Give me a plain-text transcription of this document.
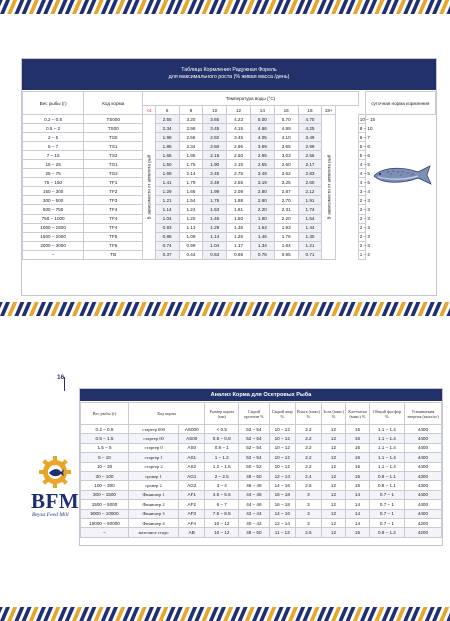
Таблица Кормления Радужная Форель
для максимального роста (% живая масса /день)
Вес рыбы (г)	Код корма	Температура воды (°C)											суточная норма кормления
		<4	6	8	10	12	14	16	18	18+			
0.2 – 0.5	TS000	В зависимости от аппетита рыб	2.55	3.20	3.65	4.23	5.00	5.70	4.70	В зависимости от аппетита рыб		10 – 15	
0.5 – 2	TS00		2.34	2.96	3.45	4.15	4.66	4.89	4.25			8 – 10	
2 – 5	TS0		1.98	2.56	2.92	3.45	4.05	4.10	3.49			6 – 7	
5 – 7	TS1		1.86	2.34	2.50	2.96	3.59	3.65	2.99			5 – 6	
7 – 15	TS2		1.65	1.95	2.15	2.50	2.95	3.03	2.56			5 – 6	
15 – 25	TG1		1.50	1.75	1.90	2.15	2.55	2.60	2.17			4 – 5	
25 – 75	TG2		1.69	2.14	2.45	2.75	3.49	3.52	2.83			4 – 5	
75 – 150	TF1		1.41	1.79	2.49	2.55	3.19	3.25	2.60			4 – 5	
150 – 300	TF2		1.29	1.66	1.99	2.09	2.80	2.87	2.12			3 – 4	
300 – 500	TF3		1.21	1.54	1.75	1.88	2.60	2.70	1.91			2 – 3	
500 – 750	TF4		1.14	1.24	1.53	1.61	2.20	2.31	1.74			2 – 3	
750 – 1000	TF4		1.04	1.20	1.46	1.50	1.90	2.20	1.54			2 – 3	
1000 – 1500	TF4		0.93	1.13	1.29	1.36	1.64	1.93	1.44			2 – 3	
1500 – 2000	TF5		0.86	1.09	1.14	1.26	1.46	1.76	1.30			2 – 3	
2000 – 3000	TF5		0.74	0.99	1.04	1.17	1.34	1.64	1.21			2 – 3	
–	TB		0.37	0.44	0.53	0.66	0.78	0.95	0.71			1 – 2	
16
BFM
Beyza Feed Mill
Анализ Корма для Осетровых Рыба
Вес рыбы (г)	Код корма		Размер корма (мм)	Сырой протеин %	Сырой жир %	Влага (макс) %	Зола (макс) %	Клетчатка (макс) %	Общий фосфор %	Усваиваемая энергия (ккал/кг)
0.2 – 0.5	стартер 000	AS000	< 0.5	52 – 54	10 – 12	2.2	12	16	1.1 – 1.4	4400
0.5 – 1.5	стартер 00	AS00	0.5 – 0.8	52 – 54	10 – 12	2.2	12	16	1.1 – 1.4	4400
1.5 – 5	стартер 0	AS0	0.8 – 1	52 – 54	10 – 12	2.2	12	16	1.1 – 1.4	4400
5 – 10	стартер 1	AS1	1 – 1.2	52 – 54	10 – 12	2.2	12	16	1.1 – 1.4	4400
10 – 30	стартер 2	AS2	1.2 – 1.5	50 – 52	10 – 12	2.2	12	16	1.1 – 1.4	4400
30 – 100	гровер 1	AG1	2 – 2.5	48 – 50	12 – 14	2.4	12	15	0.8 – 1.1	4300
100 – 300	гровер 2	AG2	3 – 4	46 – 48	14 – 16	2.6	12	15	0.8 – 1.1	4300
300 – 1500	Финишер 1	AF1	4.5 – 5.5	44 – 46	16 – 18	3	12	14	0.7 – 1	4400
1500 – 5000	Финишер 2	AF2	6 – 7	44 – 46	16 – 18	3	12	14	0.7 – 1	4400
5000 – 10000	Финишер 3	AF3	7.5 – 8.5	42 – 44	14 – 16	3	12	14	0.7 – 1	4400
15000 – 50000	Финишер 4	AF4	10 – 12	40 – 42	12 – 14	3	12	14	0.7 – 1	4200
–	маточное стадо	AB	10 – 12	48 – 50	11 – 13	2.6	12	15	0.9 – 1.2	4200
